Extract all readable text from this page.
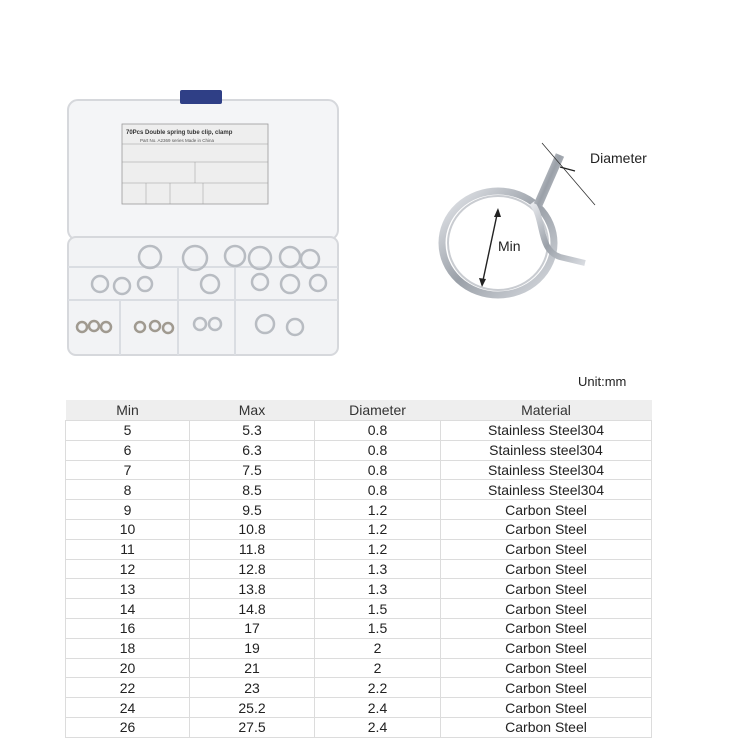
70Pcs Double spring tube clip, clamp
Part No. A2369 series Made in China
Diameter
Min
Unit:mm
Min	Max	Diameter	Material
5	5.3	0.8	Stainless Steel304
6	6.3	0.8	Stainless steel304
7	7.5	0.8	Stainless Steel304
8	8.5	0.8	Stainless Steel304
9	9.5	1.2	Carbon Steel
10	10.8	1.2	Carbon Steel
11	11.8	1.2	Carbon Steel
12	12.8	1.3	Carbon Steel
13	13.8	1.3	Carbon Steel
14	14.8	1.5	Carbon Steel
16	17	1.5	Carbon Steel
18	19	2	Carbon Steel
20	21	2	Carbon Steel
22	23	2.2	Carbon Steel
24	25.2	2.4	Carbon Steel
26	27.5	2.4	Carbon Steel
